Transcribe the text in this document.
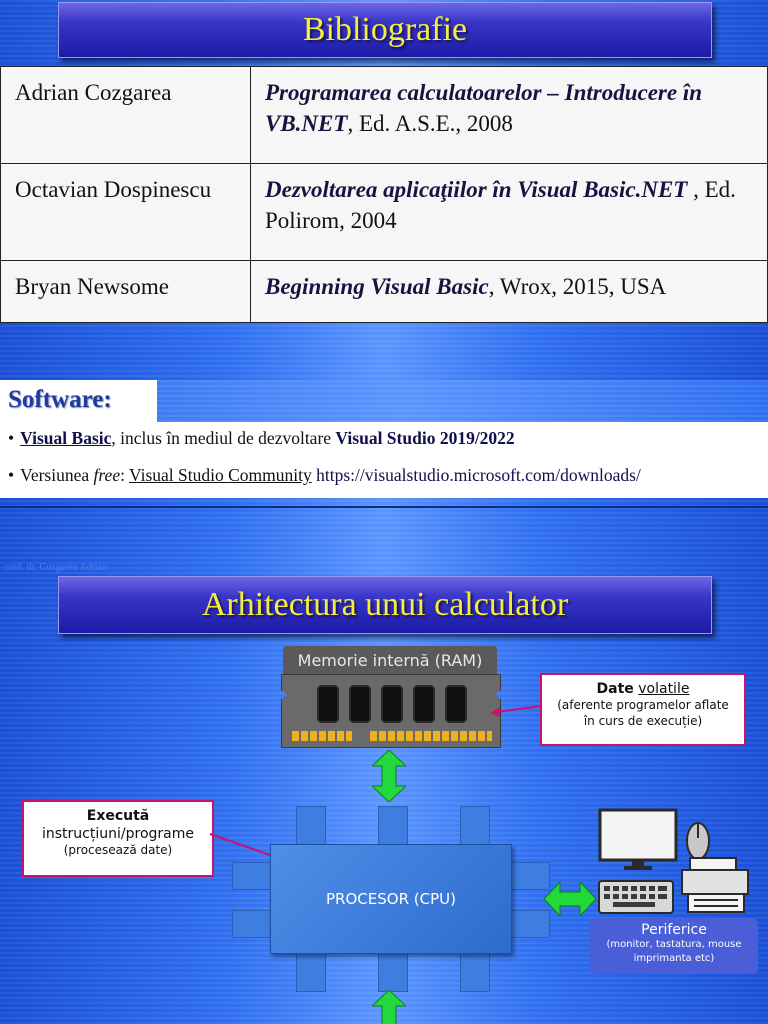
Bibliografie
Adrian Cozgarea	Programarea calculatoarelor – Introducere în VB.NET, Ed. A.S.E., 2008
Octavian Dospinescu	Dezvoltarea aplicaţiilor în Visual Basic.NET , Ed. Polirom, 2004
Bryan Newsome	Beginning Visual Basic, Wrox, 2015, USA
Software:
• Visual Basic, inclus în mediul de dezvoltare Visual Studio 2019/2022
• Versiunea free: Visual Studio Community https://visualstudio.microsoft.com/downloads/
conf. dr. Cozgarea Adrian
Arhitectura unui calculator
Memorie internă (RAM)
Date volatile
(aferente programelor aflate
în curs de execuție)
Execută
instrucțiuni/programe
(procesează date)
PROCESOR (CPU)
Periferice
(monitor, tastatura, mouse
imprimanta etc)
